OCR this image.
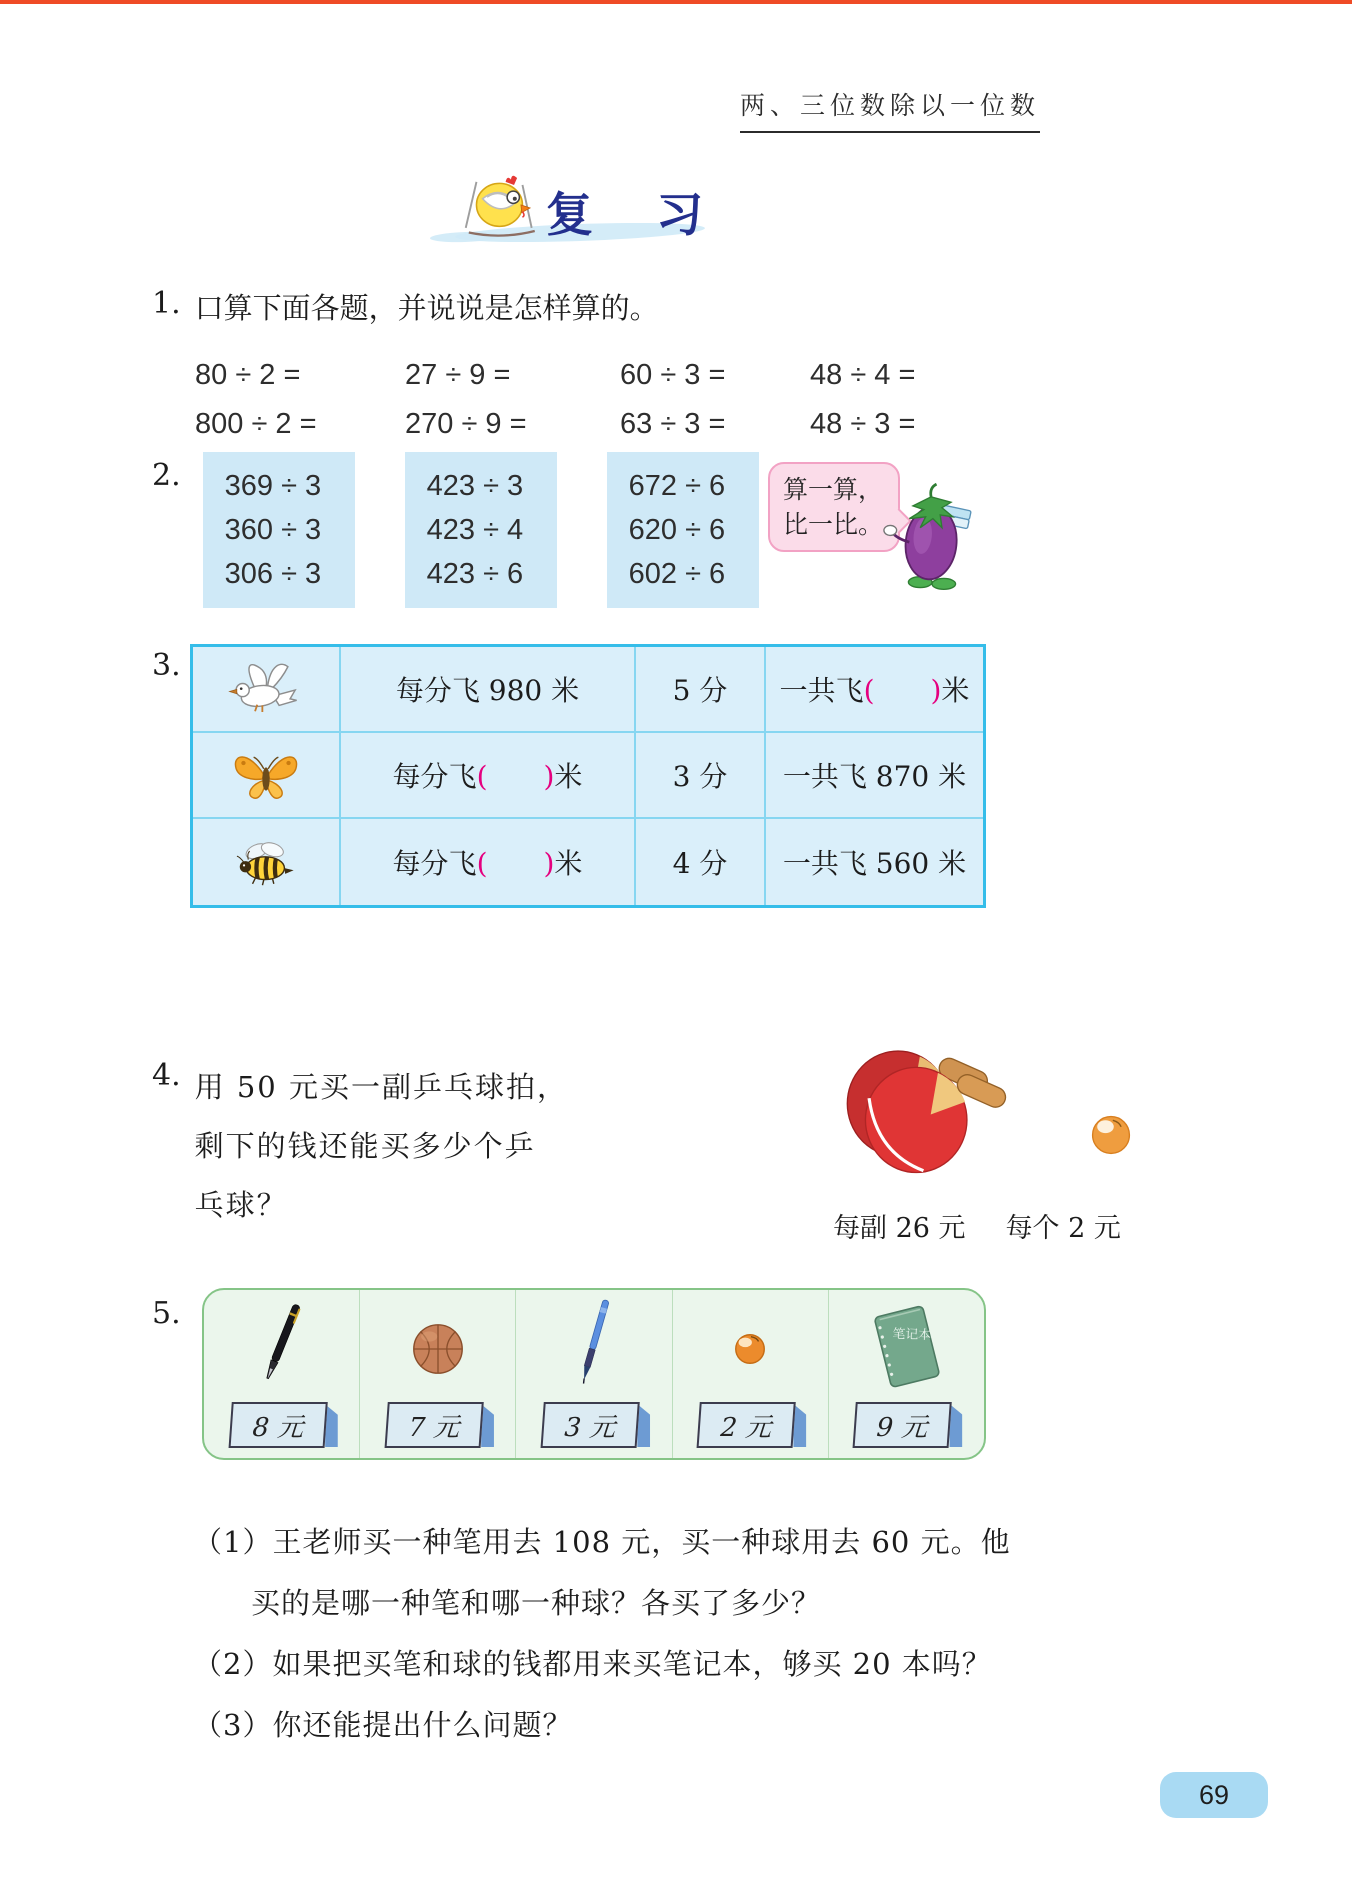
两、三位数除以一位数
复　习
1. 口算下面各题，并说说是怎样算的。
80 ÷ 2 =	27 ÷ 9 =	60 ÷ 3 =	48 ÷ 4 =
800 ÷ 2 =	270 ÷ 9 =	63 ÷ 3 =	48 ÷ 3 =
2. 369 ÷ 3
360 ÷ 3
306 ÷ 3
423 ÷ 3
423 ÷ 4
423 ÷ 6
672 ÷ 6
620 ÷ 6
602 ÷ 6
算一算，
比一比。
3.
每分飞 980 米	5 分 一共飞 (　　) 米
每分飞 (　　) 米	3 分 一共飞 870 米
每分飞 (　　) 米	4 分 一共飞 560 米
4. 用 50 元买一副乒乓球拍，
剩下的钱还能买多少个乒
乓球？
每副 26 元 每个 2 元
5.
8 元	7 元	3 元	2 元
笔记本
9 元
（1）王老师买一种笔用去 108 元，买一种球用去 60 元。他
买的是哪一种笔和哪一种球？各买了多少？
（2）如果把买笔和球的钱都用来买笔记本，够买 20 本吗？
（3）你还能提出什么问题？
69
